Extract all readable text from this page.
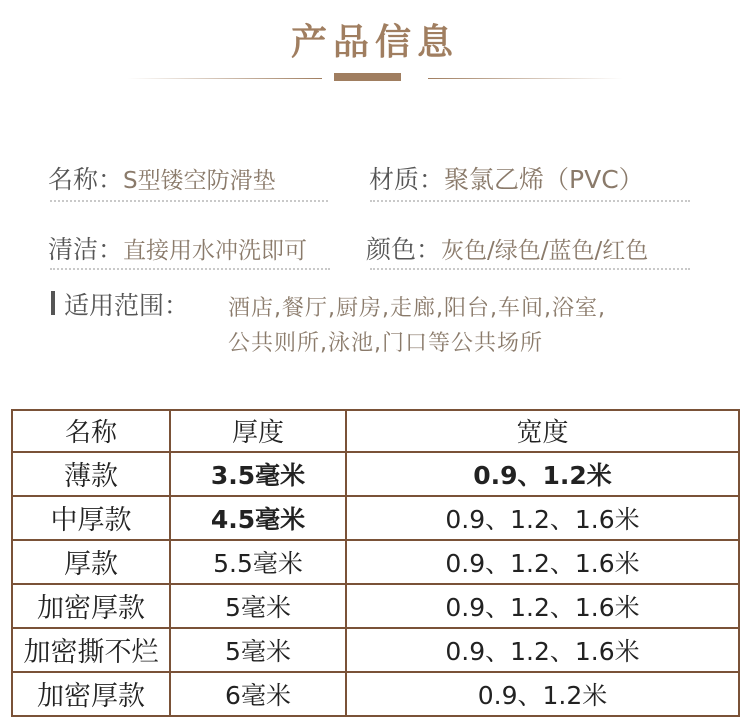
产品信息
名称：S型镂空防滑垫	材质：聚氯乙烯（PVC）
清洁：直接用水冲洗即可 颜色：灰色/绿色/蓝色/红色
适用范围： 酒店,餐厅,厨房,走廊,阳台,车间,浴室,
公共则所,泳池,门口等公共场所
名称	厚度	宽度
薄款	3.5毫米	0.9、1.2米
中厚款	4.5毫米	0.9、1.2、1.6米
厚款	5.5毫米	0.9、1.2、1.6米
加密厚款	5毫米	0.9、1.2、1.6米
加密撕不烂	5毫米	0.9、1.2、1.6米
加密厚款	6毫米	0.9、1.2米
